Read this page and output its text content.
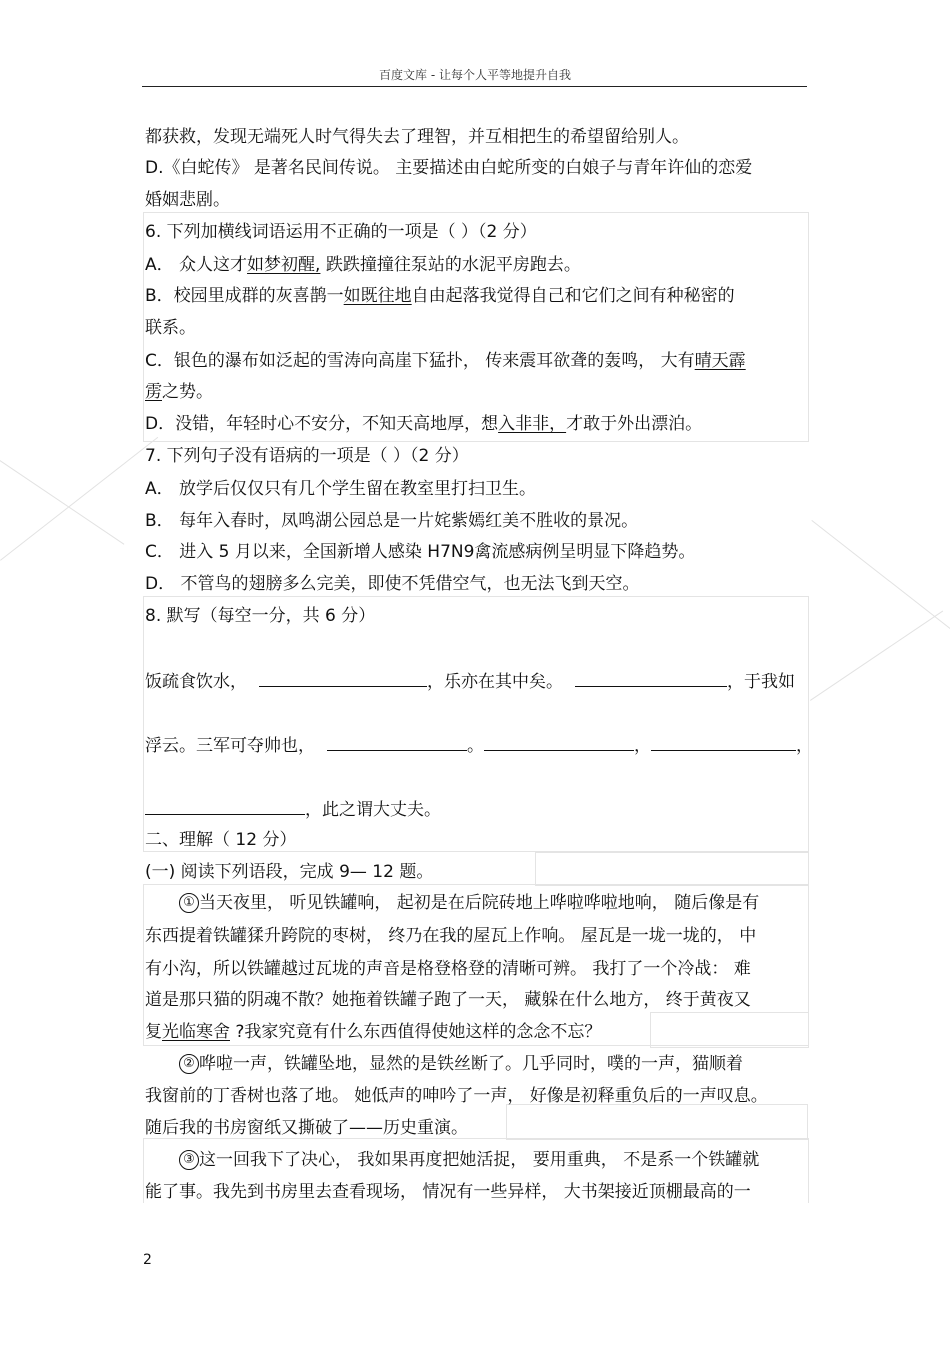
百度文库 - 让每个人平等地提升自我
都获救，发现无端死人时气得失去了理智，并互相把生的希望留给别人。
D.《白蛇传》 是著名民间传说。 主要描述由白蛇所变的白娘子与青年许仙的恋爱
婚姻悲剧。
6. 下列加横线词语运用不正确的一项是（ ）（2 分）
A． 众人这才如梦初醒, 跌跌撞撞往泵站的水泥平房跑去。
B．校园里成群的灰喜鹊一如既往地自由起落我觉得自己和它们之间有种秘密的
联系。
C．银色的瀑布如泛起的雪涛向高崖下猛扑， 传来震耳欲聋的轰鸣， 大有晴天霹
雳之势。
D．没错，年轻时心不安分，不知天高地厚，想入非非，才敢于外出漂泊。
7. 下列句子没有语病的一项是（ ）（2 分）
A． 放学后仅仅只有几个学生留在教室里打扫卫生。
B． 每年入春时，凤鸣湖公园总是一片姹紫嫣红美不胜收的景况。
C． 进入 5 月以来，全国新增人感染 H7N9禽流感病例呈明显下降趋势。
D． 不管鸟的翅膀多么完美，即使不凭借空气，也无法飞到天空。
8. 默写（每空一分，共 6 分）
饭疏食饮水，	，乐亦在其中矣。	，于我如
浮云。三军可夺帅也，	。	，	，
，此之谓大丈夫。
二、理解（ 12 分）
(一) 阅读下列语段，完成 9— 12 题。
① 当天夜里， 听见铁罐响， 起初是在后院砖地上哗啦哗啦地响， 随后像是有
东西提着铁罐猱升跨院的枣树， 终乃在我的屋瓦上作响。 屋瓦是一垅一垅的， 中
有小沟，所以铁罐越过瓦垅的声音是格登格登的清晰可辨。 我打了一个冷战： 难
道是那只猫的阴魂不散？她拖着铁罐子跑了一天， 藏躲在什么地方， 终于黄夜又
复光临寒舍 ?我家究竟有什么东西值得使她这样的念念不忘？
② 哗啦一声，铁罐坠地，显然的是铁丝断了。几乎同时，噗的一声，猫顺着
我窗前的丁香树也落了地。 她低声的呻吟了一声， 好像是初释重负后的一声叹息。
随后我的书房窗纸又撕破了——历史重演。
③ 这一回我下了决心， 我如果再度把她活捉， 要用重典， 不是系一个铁罐就
能了事。我先到书房里去查看现场， 情况有一些异样， 大书架接近顶棚最高的一
2
